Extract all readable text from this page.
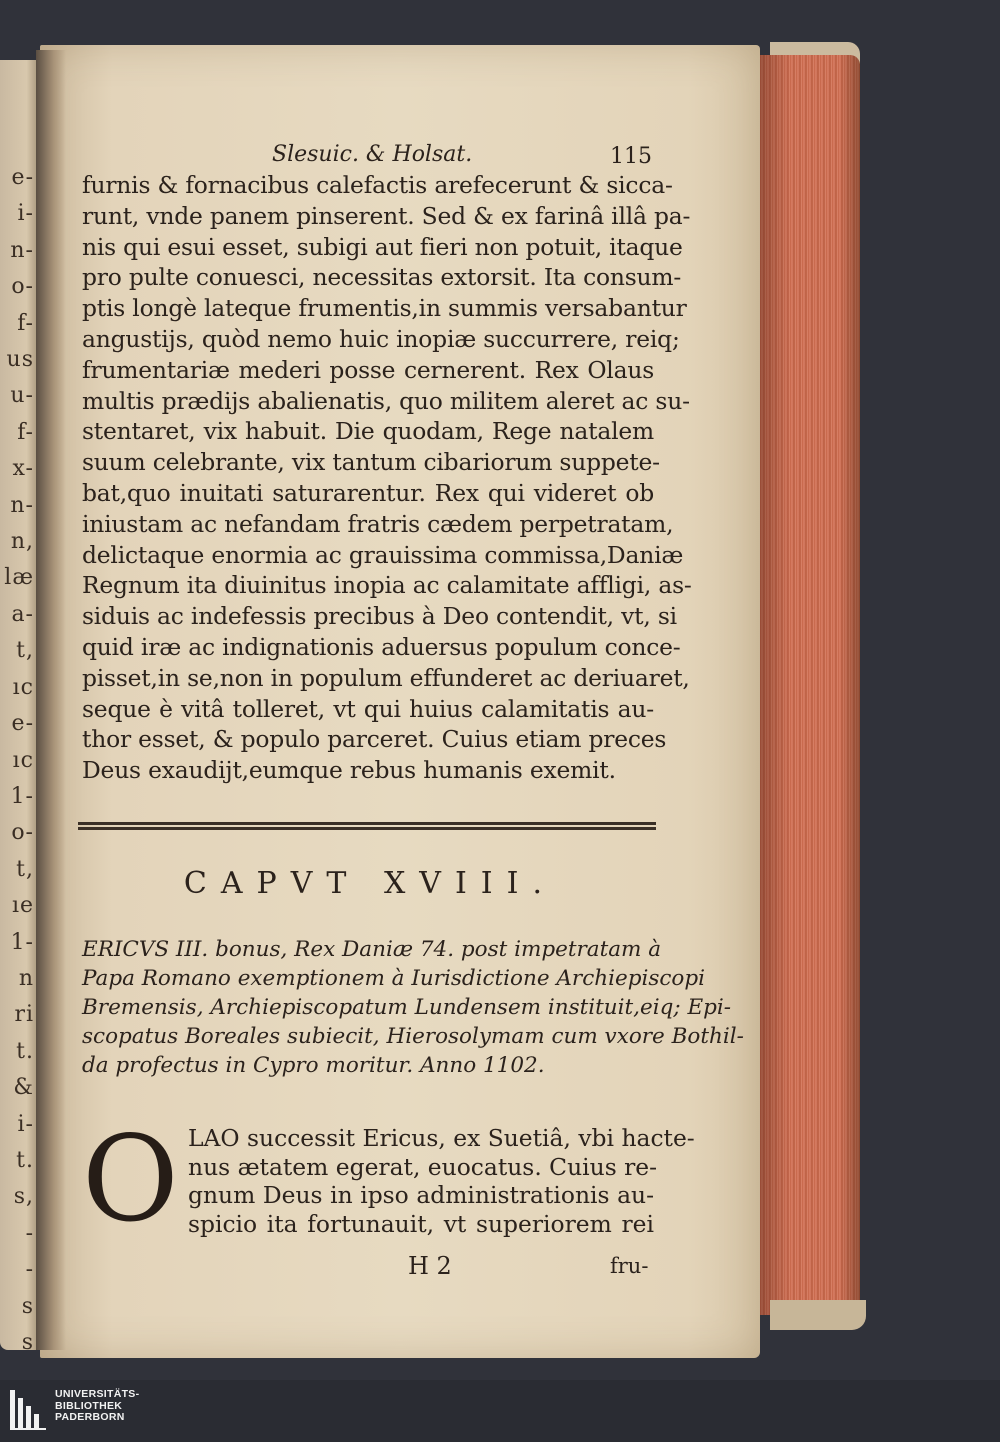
e-
i-
n-
o-
f-
us
u-
f-
x-
n-
n,
læ
a-
t,
ıc
e-
ıc
1-
o-
t,
ıe
1-
n
ri
t.
&
i-
t.
s,
-
-
s
s
Slesuic. & Holsat.	115
furnis & fornacibus calefactis arefecerunt & sicca-
runt, vnde panem pinserent. Sed & ex farinâ illâ pa-
nis qui esui esset, subigi aut fieri non potuit, itaque
pro pulte conuesci, necessitas extorsit. Ita consum-
ptis longè lateque frumentis,in summis versabantur
angustijs, quòd nemo huic inopiæ succurrere, reiq;
frumentariæ mederi posse cernerent. Rex Olaus
multis prædijs abalienatis, quo militem aleret ac su-
stentaret, vix habuit. Die quodam, Rege natalem
suum celebrante, vix tantum cibariorum suppete-
bat,quo inuitati saturarentur. Rex qui videret ob
iniustam ac nefandam fratris cædem perpetratam,
delictaque enormia ac grauissima commissa,Daniæ
Regnum ita diuinitus inopia ac calamitate affligi, as-
siduis ac indefessis precibus à Deo contendit, vt, si
quid iræ ac indignationis aduersus populum conce-
pisset,in se,non in populum effunderet ac deriuaret,
seque è vitâ tolleret, vt qui huius calamitatis au-
thor esset, & populo parceret. Cuius etiam preces
Deus exaudijt,eumque rebus humanis exemit.
CAPVT XVIII.
ERICVS III. bonus, Rex Daniæ 74. post impetratam à
Papa Romano exemptionem à Iurisdictione Archiepiscopi
Bremensis, Archiepiscopatum Lundensem instituit,eiq; Epi-
scopatus Boreales subiecit, Hierosolymam cum vxore Bothil-
da profectus in Cypro moritur. Anno 1102.
O LAO successit Ericus, ex Suetiâ, vbi hacte-
nus ætatem egerat, euocatus. Cuius re-
gnum Deus in ipso administrationis au-
spicio ita fortunauit, vt superiorem rei
H 2	fru-
UNIVERSITÄTS-
BIBLIOTHEK
PADERBORN
